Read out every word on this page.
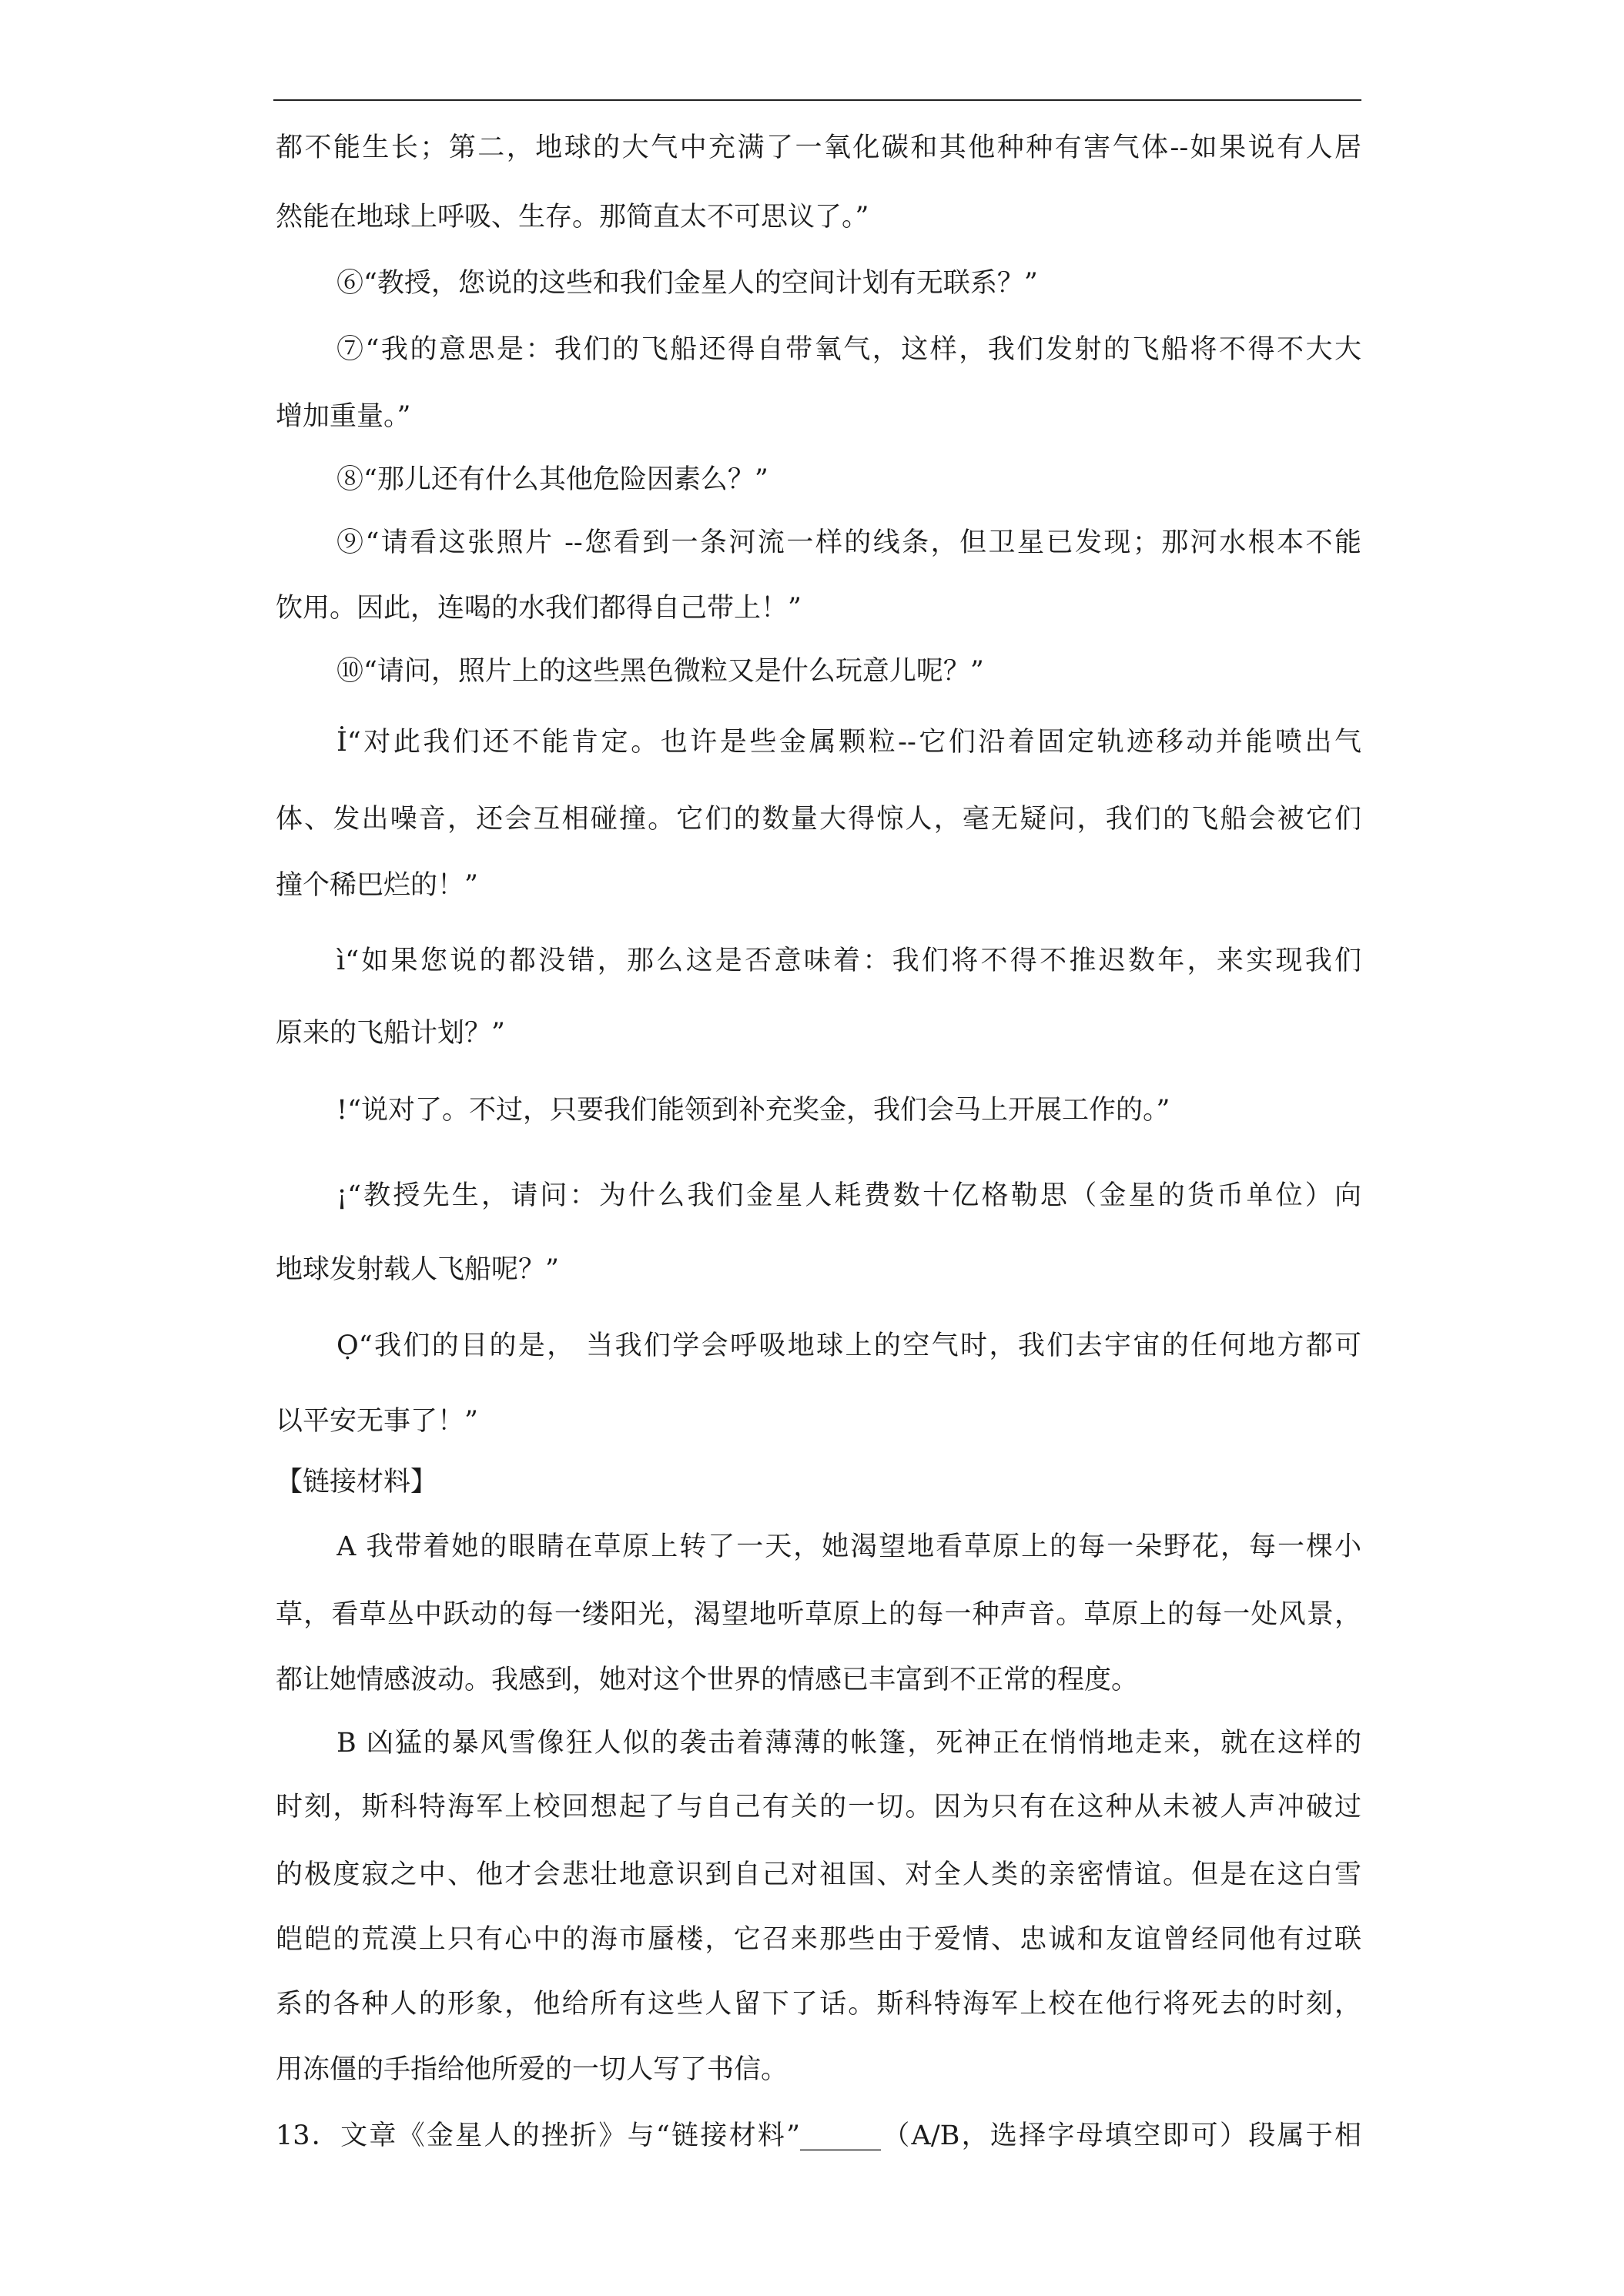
都不能生长；第二，地球的大气中充满了一氧化碳和其他种种有害气体--如果说有人居
然能在地球上呼吸、生存。那简直太不可思议了。”
⑥“教授，您说的这些和我们金星人的空间计划有无联系？”
⑦“我的意思是：我们的飞船还得自带氧气，这样，我们发射的飞船将不得不大大
增加重量。”
⑧“那儿还有什么其他危险因素么？”
⑨“请看这张照片 --您看到一条河流一样的线条，但卫星已发现；那河水根本不能
饮用。因此，连喝的水我们都得自己带上！”
⑩“请问，照片上的这些黑色微粒又是什么玩意儿呢？”
İ“对此我们还不能肯定。也许是些金属颗粒--它们沿着固定轨迹移动并能喷出气
体、发出噪音，还会互相碰撞。它们的数量大得惊人，毫无疑问，我们的飞船会被它们
撞个稀巴烂的！”
ì“如果您说的都没错，那么这是否意味着：我们将不得不推迟数年，来实现我们
原来的飞船计划？”
!“说对了。不过，只要我们能领到补充奖金，我们会马上开展工作的。”
¡“教授先生，请问：为什么我们金星人耗费数十亿格勒思（金星的货币单位）向
地球发射载人飞船呢？”
Ọ“我们的目的是， 当我们学会呼吸地球上的空气时，我们去宇宙的任何地方都可
以平安无事了！”
【链接材料】
A 我带着她的眼睛在草原上转了一天，她渴望地看草原上的每一朵野花，每一棵小
草，看草丛中跃动的每一缕阳光，渴望地听草原上的每一种声音。草原上的每一处风景，
都让她情感波动。我感到，她对这个世界的情感已丰富到不正常的程度。
B 凶猛的暴风雪像狂人似的袭击着薄薄的帐篷，死神正在悄悄地走来，就在这样的
时刻，斯科特海军上校回想起了与自己有关的一切。因为只有在这种从未被人声冲破过
的极度寂之中、他才会悲壮地意识到自己对祖国、对全人类的亲密情谊。但是在这白雪
皑皑的荒漠上只有心中的海市蜃楼，它召来那些由于爱情、忠诚和友谊曾经同他有过联
系的各种人的形象，他给所有这些人留下了话。斯科特海军上校在他行将死去的时刻，
用冻僵的手指给他所爱的一切人写了书信。
13．文章《金星人的挫折》与“链接材料”______（A/B，选择字母填空即可）段属于相
